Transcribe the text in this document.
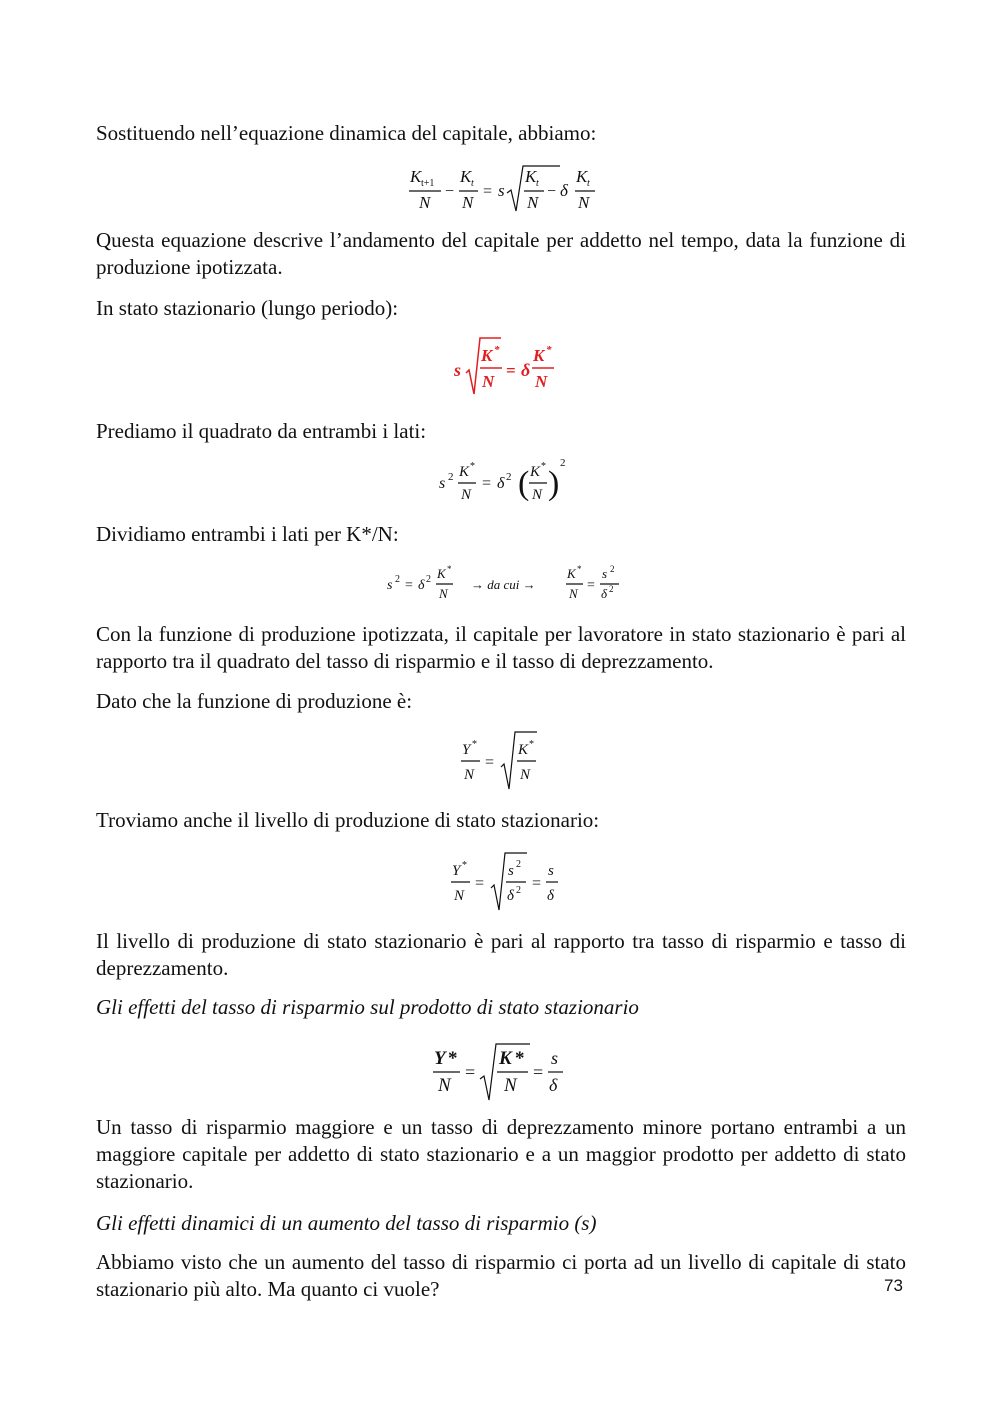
Sostituendo nell’equazione dinamica del capitale, abbiamo:

K t+1
N
−
K t
N
= s
K t
N
− δ
K t
N

Questa equazione descrive l’andamento del capitale per addetto nel tempo, data la funzione di produzione ipotizzata.

In stato stazionario (lungo periodo):

s
K *
N
= δ
K *
N

Prediamo il quadrato da entrambi i lati:

s 2 K *
N
= δ 2 ( K *
N )
2

Dividiamo entrambi i lati per K*/N:

s 2 = δ 2 K *
N
→ da cui →
K *
N
=
s 2
δ 2

Con la funzione di produzione ipotizzata, il capitale per lavoratore in stato stazionario è pari al rapporto tra il quadrato del tasso di risparmio e il tasso di deprezzamento.

Dato che la funzione di produzione è:

Y *
N
=
K *
N

Troviamo anche il livello di produzione di stato stazionario:

Y *
N
=
s 2
δ 2 =
s
δ

Il livello di produzione di stato stazionario è pari al rapporto tra tasso di risparmio e tasso di deprezzamento.

Gli effetti del tasso di risparmio sul prodotto di stato stazionario

Y *
N
=
K *
N
=
s
δ

Un tasso di risparmio maggiore e un tasso di deprezzamento minore portano entrambi a un maggiore capitale per addetto di stato stazionario e a un maggior prodotto per addetto di stato stazionario.

Gli effetti dinamici di un aumento del tasso di risparmio (s)

Abbiamo visto che un aumento del tasso di risparmio ci porta ad un livello di capitale di stato stazionario più alto. Ma quanto ci vuole?	73
